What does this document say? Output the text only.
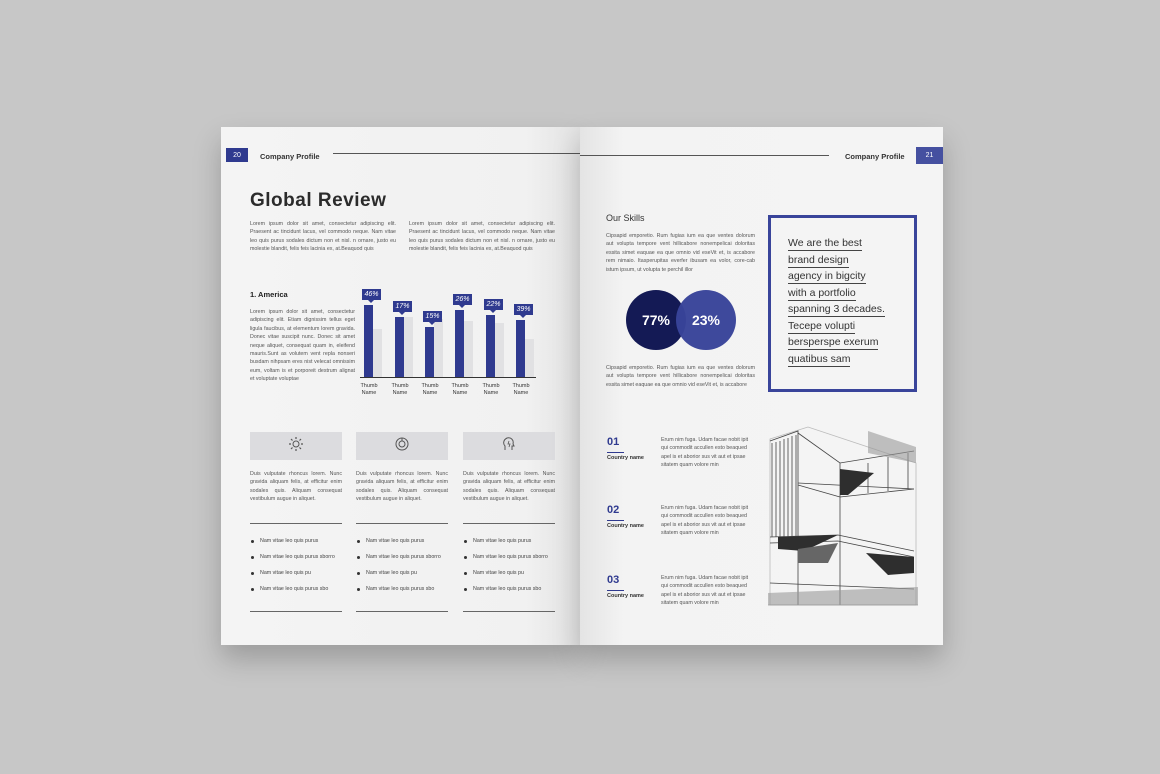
20	Company Profile
Global Review
Lorem ipsum dolor sit amet, consectetur adipiscing elit. Praesent ac tincidunt lacus, vel commodo neque. Nam vitae leo quis purus sodales dictum non et nisl. n ornare, justo eu molestie blandit, felis feis lacinia ex, at.Beaquod quis
Lorem ipsum dolor sit amet, consectetur adipiscing elit. Praesent ac tincidunt lacus, vel commodo neque. Nam vitae leo quis purus sodales dictum non et nisl. n ornare, justo eu molestie blandit, felis feis lacinia ex, at.Beaquod quis
1. America
Lorem ipsum dolor sit amet, consectetur adipiscing elit. Etiam dignissim tellus eget ligula faucibus, at elementum lorem gravida. Donec vitae suscipit nunc. Donec sit amet neque aliquet, consequat quam in, eleifend mauris.Sunt as volutem vent repla nonseri busdam nihpsam eres nist velecat omnissim eum, voltam is et porporeit destrum alignat et voluptate voluptae
46%
Thumb Name
17%
Thumb Name
15%
Thumb Name
26%
Thumb Name
22%
Thumb Name
39%
Thumb Name
Duis vulputate rhoncus lorem. Nunc gravida aliquam felis, at efficitur enim sodales quis. Aliquam consequat vestibulum augue in aliquet.
Nam vitae leo quis purus
Nam vitae leo quis purus sborro
Nam vitae leo quis pu
Nam vitae leo quis purus sbo
Duis vulputate rhoncus lorem. Nunc gravida aliquam felis, at efficitur enim sodales quis. Aliquam consequat vestibulum augue in aliquet.
Nam vitae leo quis purus
Nam vitae leo quis purus sborro
Nam vitae leo quis pu
Nam vitae leo quis purus sbo
Duis vulputate rhoncus lorem. Nunc gravida aliquam felis, at efficitur enim sodales quis. Aliquam consequat vestibulum augue in aliquet.
Nam vitae leo quis purus
Nam vitae leo quis purus sborro
Nam vitae leo quis pu
Nam vitae leo quis purus sbo
Company Profile	21
Our Skills
Cipsapid emporetio. Rum fugias ium ea que ventes dolorum aut volupta tempore vent hillicabore nonempelicai doloritas essita simet eaquae ea que omnio vid eseVit et, is accabore rem nimaio. Itasperupitas everfer ibusam ea volor, core-cab istum ipsum, ut volupta te perchil illor
77%	23%
Cipsapid emporetio. Rum fugias ium ea que ventes dolorum aut volupta tempore vent hillicabore nonempelicai doloritas essita simet eaquae ea que omnio vid eseVit et, is accabore
We are the best
brand design
agency in bigcity
with a portfolio
spanning 3 decades.
Tecepe volupti
bersperspe exerum
quatibus sam
01
Country name
Erum nim fuga. Udam facae nobit ipit qui commodit accullen esto beaqued apel is et aborior sus vit aut et ipsae sitatem quam volore min
02
Country name
Erum nim fuga. Udam facae nobit ipit qui commodit accullen esto beaqued apel is et aborior sus vit aut et ipsae sitatem quam volore min
03
Country name
Erum nim fuga. Udam facae nobit ipit qui commodit accullen esto beaqued apel is et aborior sus vit aut et ipsae sitatem quam volore min
